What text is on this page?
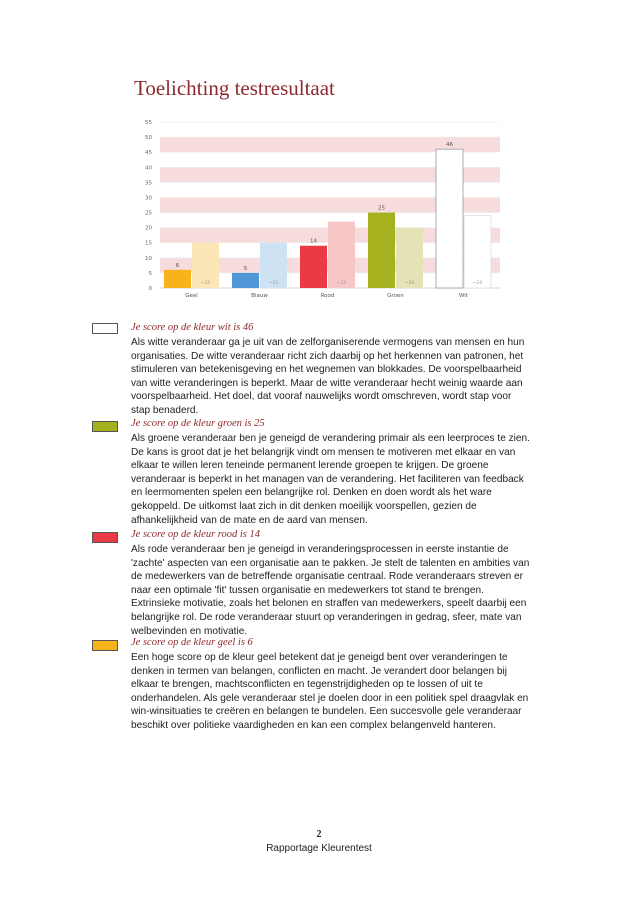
Toelichting testresultaat
0
5
10
15
20
25
30
35
40
45
50
55
6
~15
5
~15
14
~22
25
~20
46
~24
Geel	Blauw	Rood	Groen	Wit

Je score op de kleur wit is 46

Als witte veranderaar ga je uit van de zelforganiserende vermogens van mensen en hun organisaties. De witte veranderaar richt zich daarbij op het herkennen van patronen, het stimuleren van betekenisgeving en het wegnemen van blokkades. De voorspelbaarheid van witte veranderingen is beperkt. Maar de witte veranderaar hecht weinig waarde aan voorspelbaarheid. Het doel, dat vooraf nauwelijks wordt omschreven, wordt stap voor stap benaderd.

Je score op de kleur groen is 25

Als groene veranderaar ben je geneigd de verandering primair als een leerproces te zien. De kans is groot dat je het belangrijk vindt om mensen te motiveren met elkaar en van elkaar te willen leren teneinde permanent lerende groepen te krijgen. De groene veranderaar is beperkt in het managen van de verandering. Het faciliteren van feedback en leermomenten spelen een belangrijke rol. Denken en doen wordt als het ware gekoppeld. De uitkomst laat zich in dit denken moeilijk voorspellen, gezien de afhankelijkheid van de mate en de aard van mensen.

Je score op de kleur rood is 14

Als rode veranderaar ben je geneigd in veranderingsprocessen in eerste instantie de 'zachte' aspecten van een organisatie aan te pakken. Je stelt de talenten en ambities van de medewerkers van de betreffende organisatie centraal. Rode veranderaars streven er naar een optimale 'fit' tussen organisatie en medewerkers tot stand te brengen. Extrinsieke motivatie, zoals het belonen en straffen van medewerkers, speelt daarbij een belangrijke rol. De rode veranderaar stuurt op veranderingen in gedrag, sfeer, mate van welbevinden en motivatie.

Je score op de kleur geel is 6

Een hoge score op de kleur geel betekent dat je geneigd bent over veranderingen te denken in termen van belangen, conflicten en macht. Je verandert door belangen bij elkaar te brengen, machtsconflicten en tegenstrijdigheden op te lossen of uit te onderhandelen. Als gele veranderaar stel je doelen door in een politiek spel draagvlak en win-winsituaties te creëren en belangen te bundelen. Een succesvolle gele veranderaar beschikt over politieke vaardigheden en kan een complex belangenveld hanteren.

2
Rapportage Kleurentest
